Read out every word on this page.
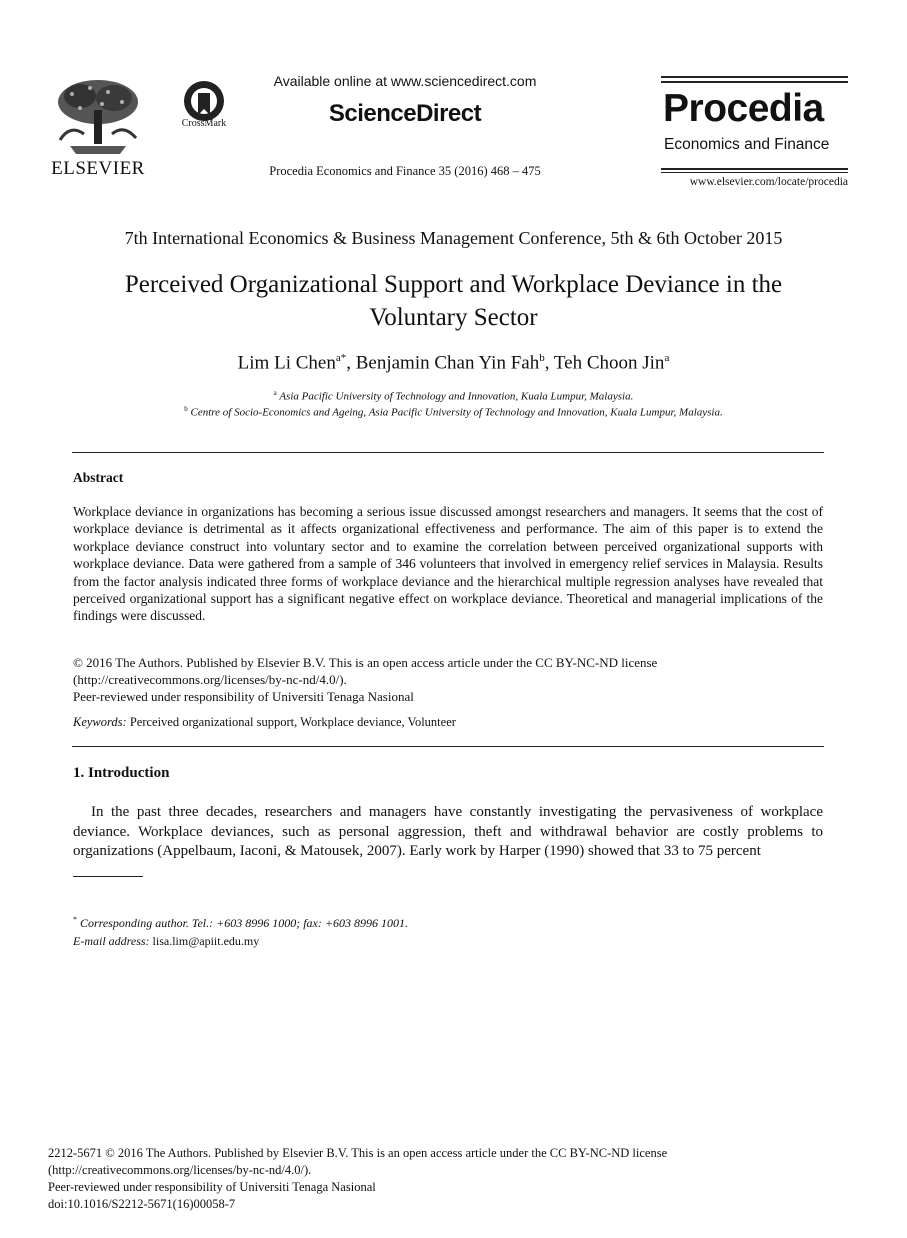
ELSEVIER
CrossMark
Available online at www.sciencedirect.com
ScienceDirect
Procedia Economics and Finance 35 (2016) 468 – 475
Procedia
Economics and Finance
www.elsevier.com/locate/procedia
7th International Economics & Business Management Conference, 5th & 6th October 2015
Perceived Organizational Support and Workplace Deviance in the
Voluntary Sector
Lim Li Chen$^{a*}$, Benjamin Chan Yin Fah$^b$, Teh Choon Jin$^a$
$^a$ Asia Pacific University of Technology and Innovation, Kuala Lumpur, Malaysia.
$^b$ Centre of Socio-Economics and Ageing, Asia Pacific University of Technology and Innovation, Kuala Lumpur, Malaysia.
Abstract
Workplace deviance in organizations has becoming a serious issue discussed amongst researchers and managers. It seems that the cost of workplace deviance is detrimental as it affects organizational effectiveness and performance. The aim of this paper is to extend the workplace deviance construct into voluntary sector and to examine the correlation between perceived organizational supports with workplace deviance. Data were gathered from a sample of 346 volunteers that involved in emergency relief services in Malaysia. Results from the factor analysis indicated three forms of workplace deviance and the hierarchical multiple regression analyses have revealed that perceived organizational support has a significant negative effect on workplace deviance. Theoretical and managerial implications of the findings were discussed.
© 2016 The Authors. Published by Elsevier B.V. This is an open access article under the CC BY-NC-ND license
(http://creativecommons.org/licenses/by-nc-nd/4.0/).
Peer-reviewed under responsibility of Universiti Tenaga Nasional
Keywords: Perceived organizational support, Workplace deviance, Volunteer
1. Introduction
In the past three decades, researchers and managers have constantly investigating the pervasiveness of workplace deviance. Workplace deviances, such as personal aggression, theft and withdrawal behavior are costly problems to organizations (Appelbaum, Iaconi, & Matousek, 2007). Early work by Harper (1990) showed that 33 to 75 percent
* Corresponding author. Tel.: +603 8996 1000; fax: +603 8996 1001.
E-mail address: lisa.lim@apiit.edu.my
2212-5671 © 2016 The Authors. Published by Elsevier B.V. This is an open access article under the CC BY-NC-ND license
(http://creativecommons.org/licenses/by-nc-nd/4.0/).
Peer-reviewed under responsibility of Universiti Tenaga Nasional
doi:10.1016/S2212-5671(16)00058-7
